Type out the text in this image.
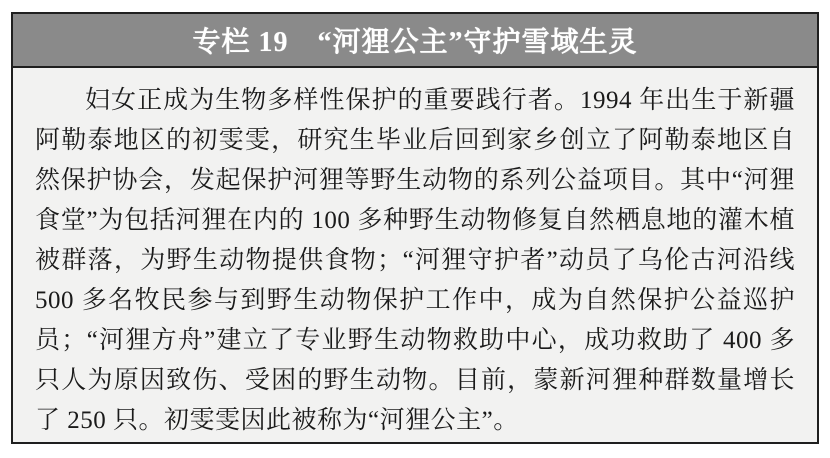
专栏 19　“河狸公主”守护雪域生灵

妇女正成为生物多样性保护的重要践行者。1994 年出生于新疆阿勒泰地区的初雯雯，研究生毕业后回到家乡创立了阿勒泰地区自然保护协会，发起保护河狸等野生动物的系列公益项目。其中“河狸食堂”为包括河狸在内的 100 多种野生动物修复自然栖息地的灌木植被群落，为野生动物提供食物；“河狸守护者”动员了乌伦古河沿线 500 多名牧民参与到野生动物保护工作中，成为自然保护公益巡护员；“河狸方舟”建立了专业野生动物救助中心，成功救助了 400 多只人为原因致伤、受困的野生动物。目前，蒙新河狸种群数量增长了 250 只。初雯雯因此被称为“河狸公主”。
